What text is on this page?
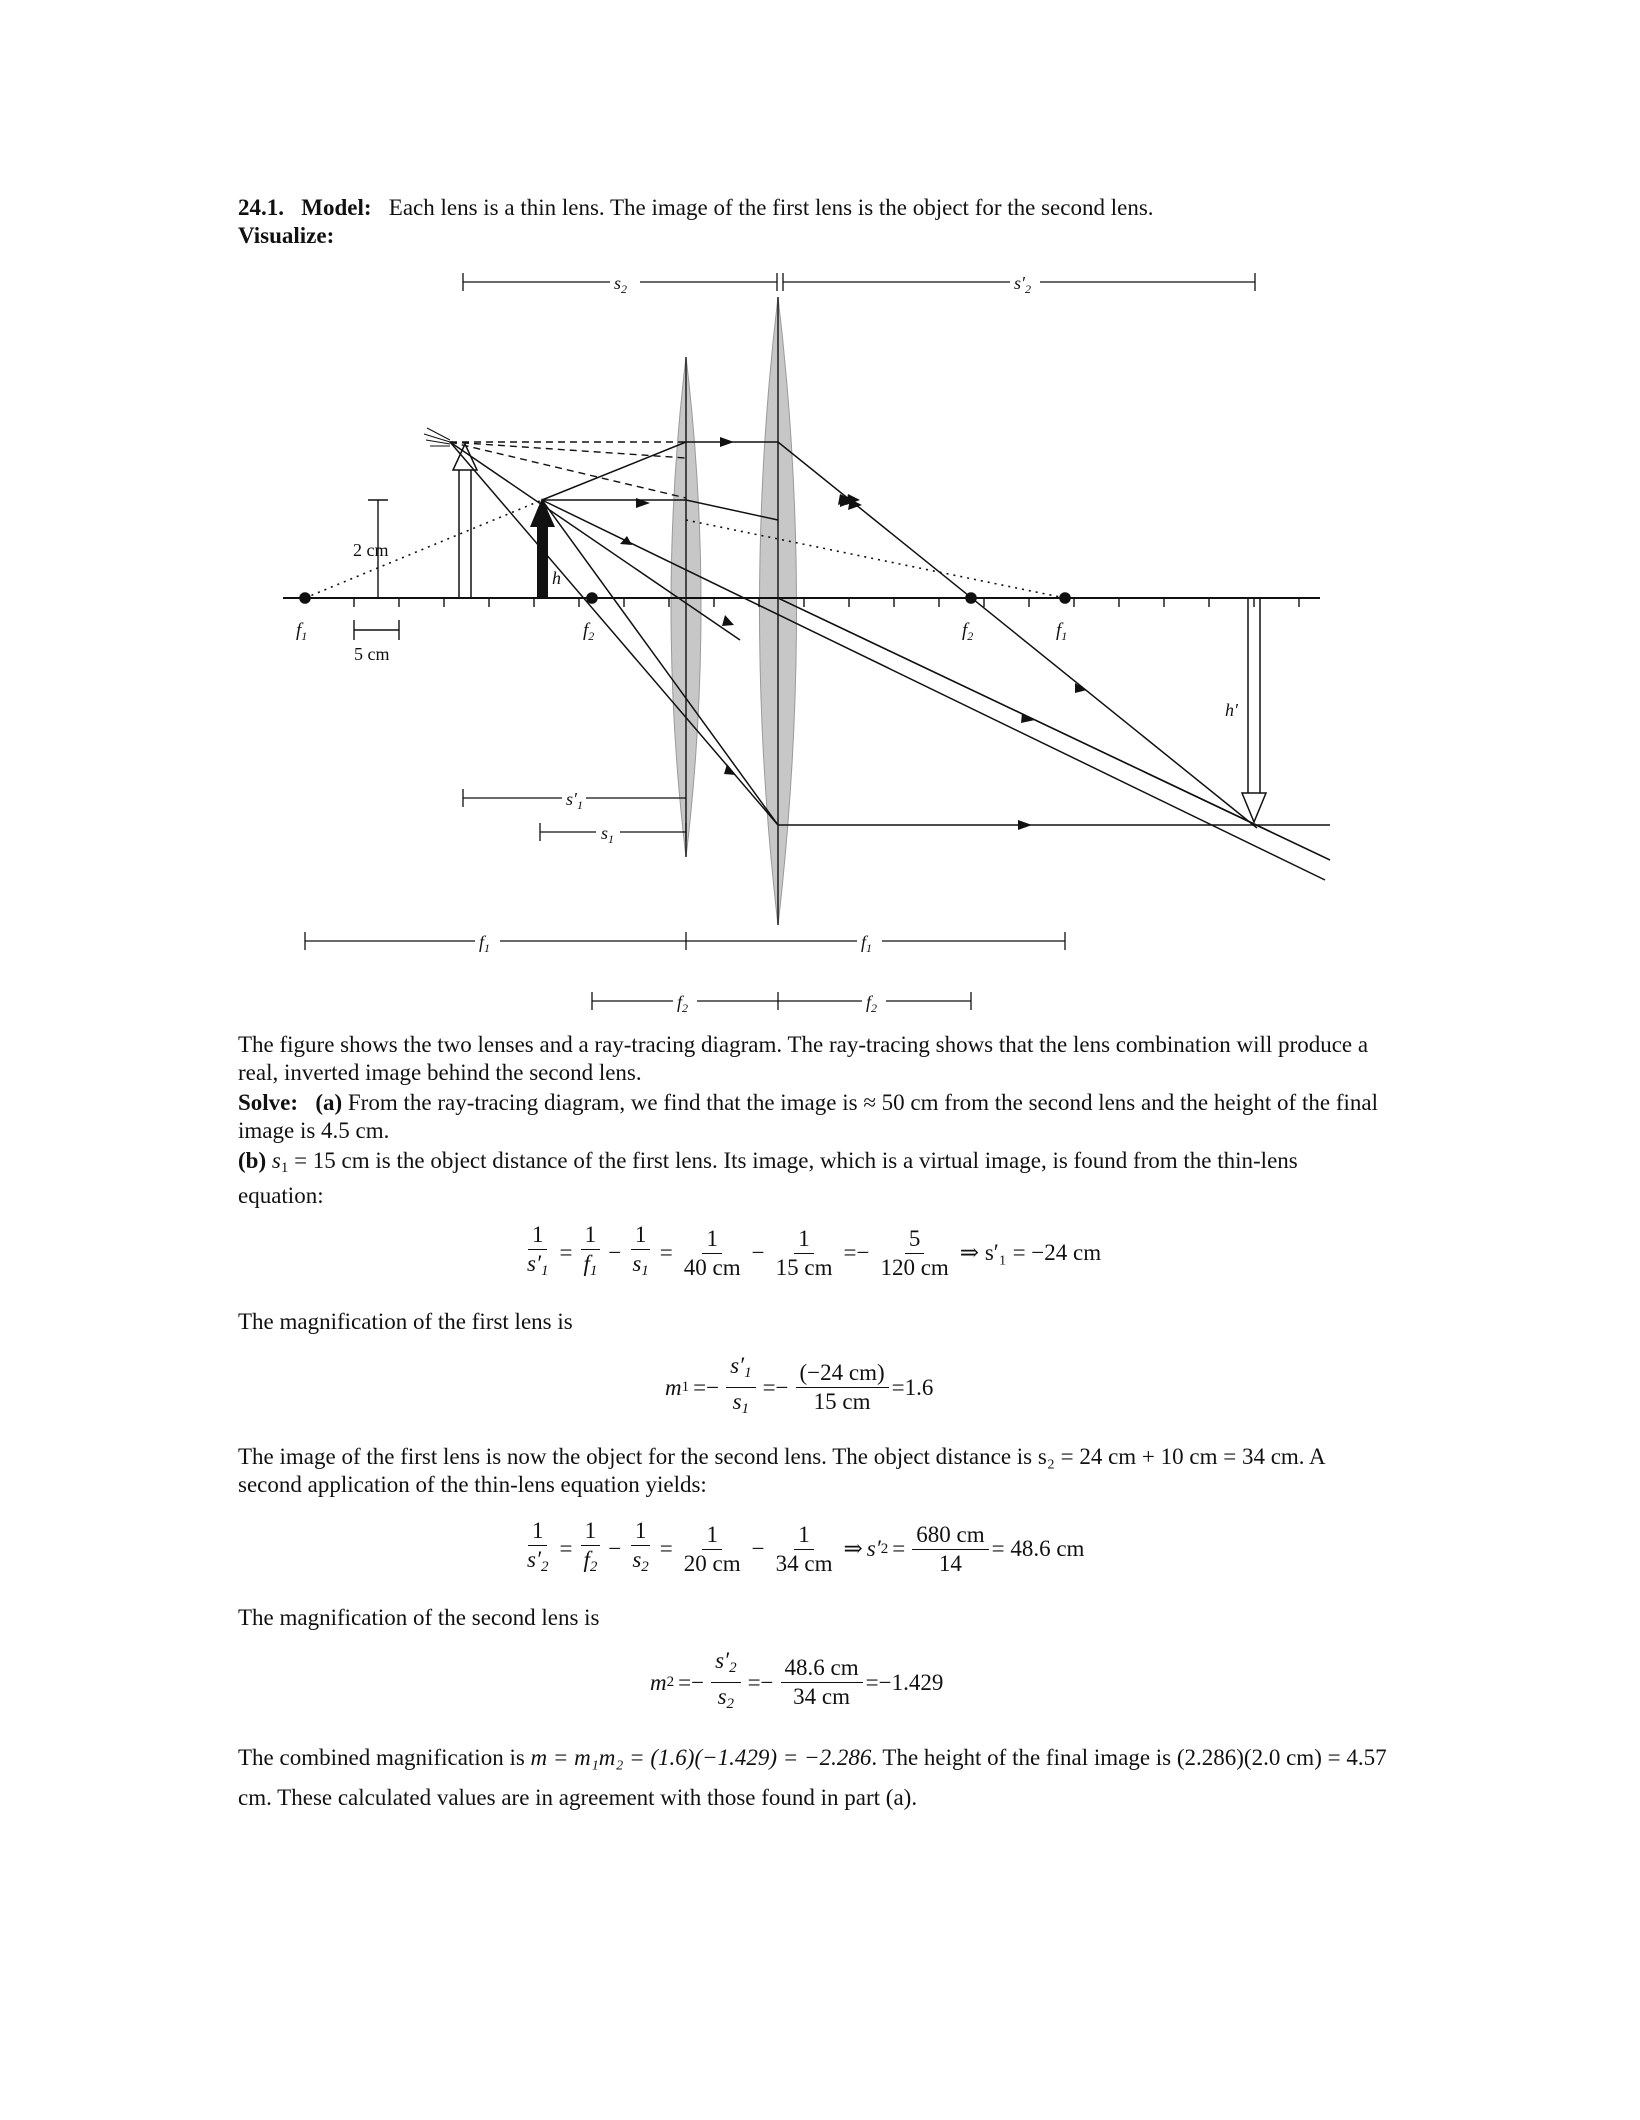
24.1. Model: Each lens is a thin lens. The image of the first lens is the object for the second lens.
Visualize:
$s_2$	$s'_2$
$f_1$	$f_2$	$f_2$	$f_1$
2 cm
5 cm
h
h′
$s'_1$
$s_1$
$f_1$	$f_1$
$f_2$	$f_2$
The figure shows the two lenses and a ray-tracing diagram. The ray-tracing shows that the lens combination will produce a real, inverted image behind the second lens.
Solve: (a) From the ray-tracing diagram, we find that the image is ≈ 50 cm from the second lens and the height of the final image is 4.5 cm.
(b) $s_1 = 15$ cm is the object distance of the first lens. Its image, which is a virtual image, is found from the thin-lens equation:
$\frac{1}{s'_1} = \frac{1}{f_1} - \frac{1}{s_1} = \frac{1}{40 cm} - \frac{1}{15 cm} =- \frac{5}{120 cm}$ ⇒ s′₁ = −24 cm
The magnification of the first lens is
m $1 =- \frac{s'_1}{s_1} =- \frac{(-24 cm)}{15 cm} =1.6$
The image of the first lens is now the object for the second lens. The object distance is s₂ = 24 cm + 10 cm = 34 cm. A second application of the thin-lens equation yields:
$\frac{1}{s'_2} = \frac{1}{f_2} - \frac{1}{s_2} = \frac{1}{20 cm} - \frac{1}{34 cm}$ ⇒ s′ $2 = \frac{680 cm}{14} = 48.6$ cm
The magnification of the second lens is
m $2 =- \frac{s'_2}{s_2} =- \frac{48.6 cm}{34 cm} =-1.429$
The combined magnification is m = m₁m₂ = (1.6)(−1.429) = −2.286. The height of the final image is (2.286)(2.0 cm) = 4.57 cm. These calculated values are in agreement with those found in part (a).
